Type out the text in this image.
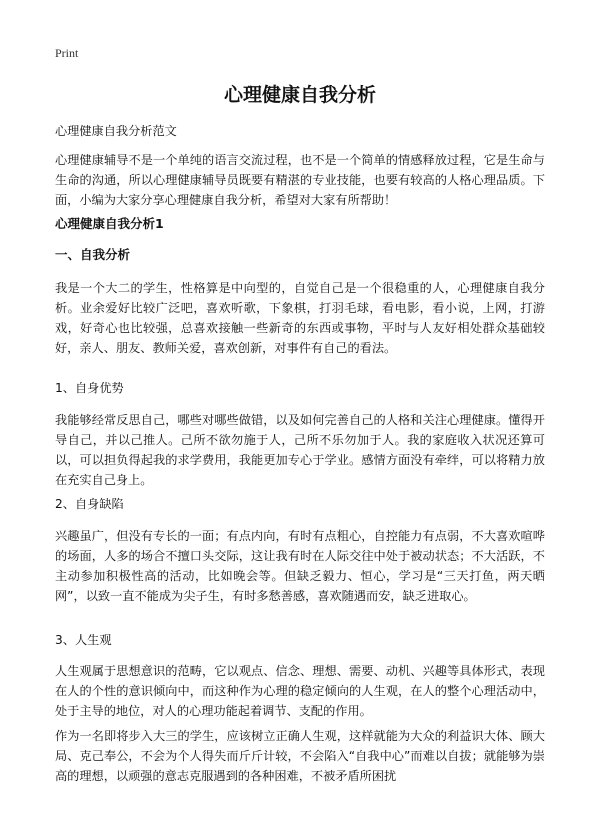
Print
心理健康自我分析

心理健康自我分析范文

心理健康辅导不是一个单纯的语言交流过程，也不是一个简单的情感释放过程，它是生命与生命的沟通，所以心理健康辅导员既要有精湛的专业技能，也要有较高的人格心理品质。下面，小编为大家分享心理健康自我分析，希望对大家有所帮助！

心理健康自我分析1

一、自我分析

我是一个大二的学生，性格算是中向型的，自觉自己是一个很稳重的人，心理健康自我分析。业余爱好比较广泛吧，喜欢听歌，下象棋，打羽毛球，看电影，看小说，上网，打游戏，好奇心也比较强，总喜欢接触一些新奇的东西或事物，平时与人友好相处群众基础较好，亲人、朋友、教师关爱，喜欢创新，对事件有自己的看法。

1、自身优势

我能够经常反思自己，哪些对哪些做错，以及如何完善自己的人格和关注心理健康。懂得开导自己，并以己推人。己所不欲勿施于人，己所不乐勿加于人。我的家庭收入状况还算可以，可以担负得起我的求学费用，我能更加专心于学业。感情方面没有牵绊，可以将精力放在充实自己身上。

2、自身缺陷

兴趣虽广，但没有专长的一面；有点内向，有时有点粗心，自控能力有点弱，不大喜欢喧哗的场面，人多的场合不擅口头交际，这让我有时在人际交往中处于被动状态；不大活跃，不主动参加积极性高的活动，比如晚会等。但缺乏毅力、恒心，学习是“三天打鱼，两天晒网”，以致一直不能成为尖子生，有时多愁善感，喜欢随遇而安，缺乏进取心。

3、人生观

人生观属于思想意识的范畴，它以观点、信念、理想、需要、动机、兴趣等具体形式，表现在人的个性的意识倾向中，而这种作为心理的稳定倾向的人生观，在人的整个心理活动中，处于主导的地位，对人的心理功能起着调节、支配的作用。

作为一名即将步入大三的学生，应该树立正确人生观，这样就能为大众的利益识大体、顾大局、克己奉公，不会为个人得失而斤斤计较，不会陷入“自我中心”而难以自拔；就能够为崇高的理想，以顽强的意志克服遇到的各种困难，不被矛盾所困扰
